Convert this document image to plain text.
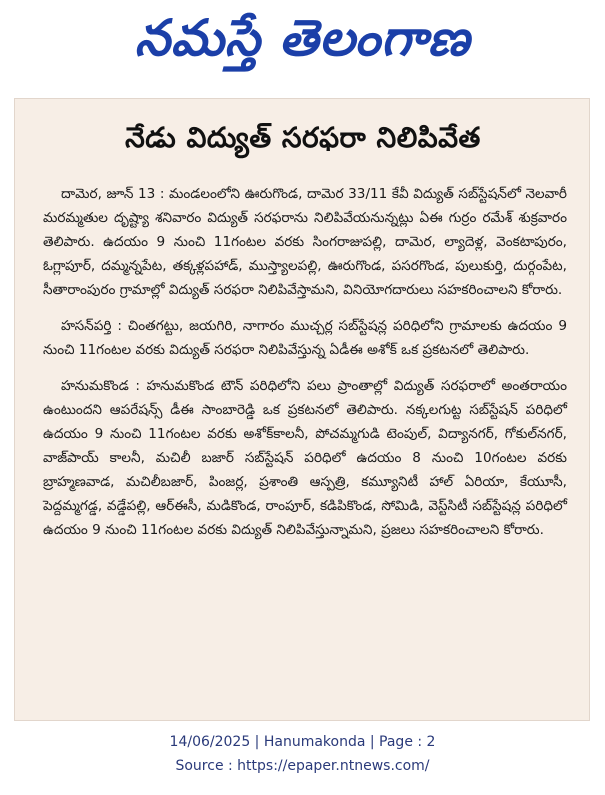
నమస్తే తెలంగాణ
నేడు విద్యుత్ సరఫరా నిలిపివేత

దామెర, జూన్ 13 : మండలంలోని ఊరుగొండ, దామెర 33/11 కేవీ విద్యుత్ సబ్‌స్టేషన్‌లో నెలవారీ మరమ్మతుల దృష్ట్యా శనివారం విద్యుత్ సరఫరాను నిలిపివేయనున్నట్లు ఏఈ గుర్రం రమేశ్ శుక్రవారం తెలిపారు. ఉదయం 9 నుంచి 11గంటల వరకు సింగరాజుపల్లి, దామెర, ల్యాదెళ్ల, వెంకటాపురం, ఓగ్లాపూర్, దమ్మన్నపేట, తక్కళ్లపహాడ్, ముస్త్యాలపల్లి, ఊరుగొండ, పసరగొండ, పులుకుర్తి, దుర్గంపేట, సీతారాంపురం గ్రామాల్లో విద్యుత్ సరఫరా నిలిపివేస్తామని, వినియోగదారులు సహకరించాలని కోరారు.

హసన్‌పర్తి : చింతగట్టు, జయగిరి, నాగారం ముచ్చర్ల సబ్‌స్టేషన్ల పరిధిలోని గ్రామాలకు ఉదయం 9 నుంచి 11గంటల వరకు విద్యుత్ సరఫరా నిలిపివేస్తున్న ఏడీఈ అశోక్ ఒక ప్రకటనలో తెలిపారు.

హనుమకొండ : హనుమకొండ టౌన్ పరిధిలోని పలు ప్రాంతాల్లో విద్యుత్ సరఫరాలో అంతరాయం ఉంటుందని ఆపరేషన్స్ డీఈ సాంబారెడ్డి ఒక ప్రకటనలో తెలిపారు. నక్కలగుట్ట సబ్‌స్టేషన్ పరిధిలో ఉదయం 9 నుంచి 11గంటల వరకు అశోక్‌కాలనీ, పోచమ్మగుడి టెంపుల్, విద్యానగర్, గోకుల్‌నగర్, వాజ్‌పాయ్ కాలనీ, మచిలీ బజార్ సబ్‌స్టేషన్ పరిధిలో ఉదయం 8 నుంచి 10గంటల వరకు బ్రాహ్మణవాడ, మచిలీబజార్, పింజర్ల, ప్రశాంతి ఆస్పత్రి, కమ్యూనిటీ హాల్ ఏరియా, కేయూసీ, పెద్దమ్మగడ్డ, వడ్డేపల్లి, ఆర్‌ఈసీ, మడికొండ, రాంపూర్, కడిపికొండ, సోమిడి, వెస్ట్‌సిటీ సబ్‌స్టేషన్ల పరిధిలో ఉదయం 9 నుంచి 11గంటల వరకు విద్యుత్ నిలిపివేస్తున్నామని, ప్రజలు సహకరించాలని కోరారు.

14/06/2025 | Hanumakonda | Page : 2
Source : https://epaper.ntnews.com/
